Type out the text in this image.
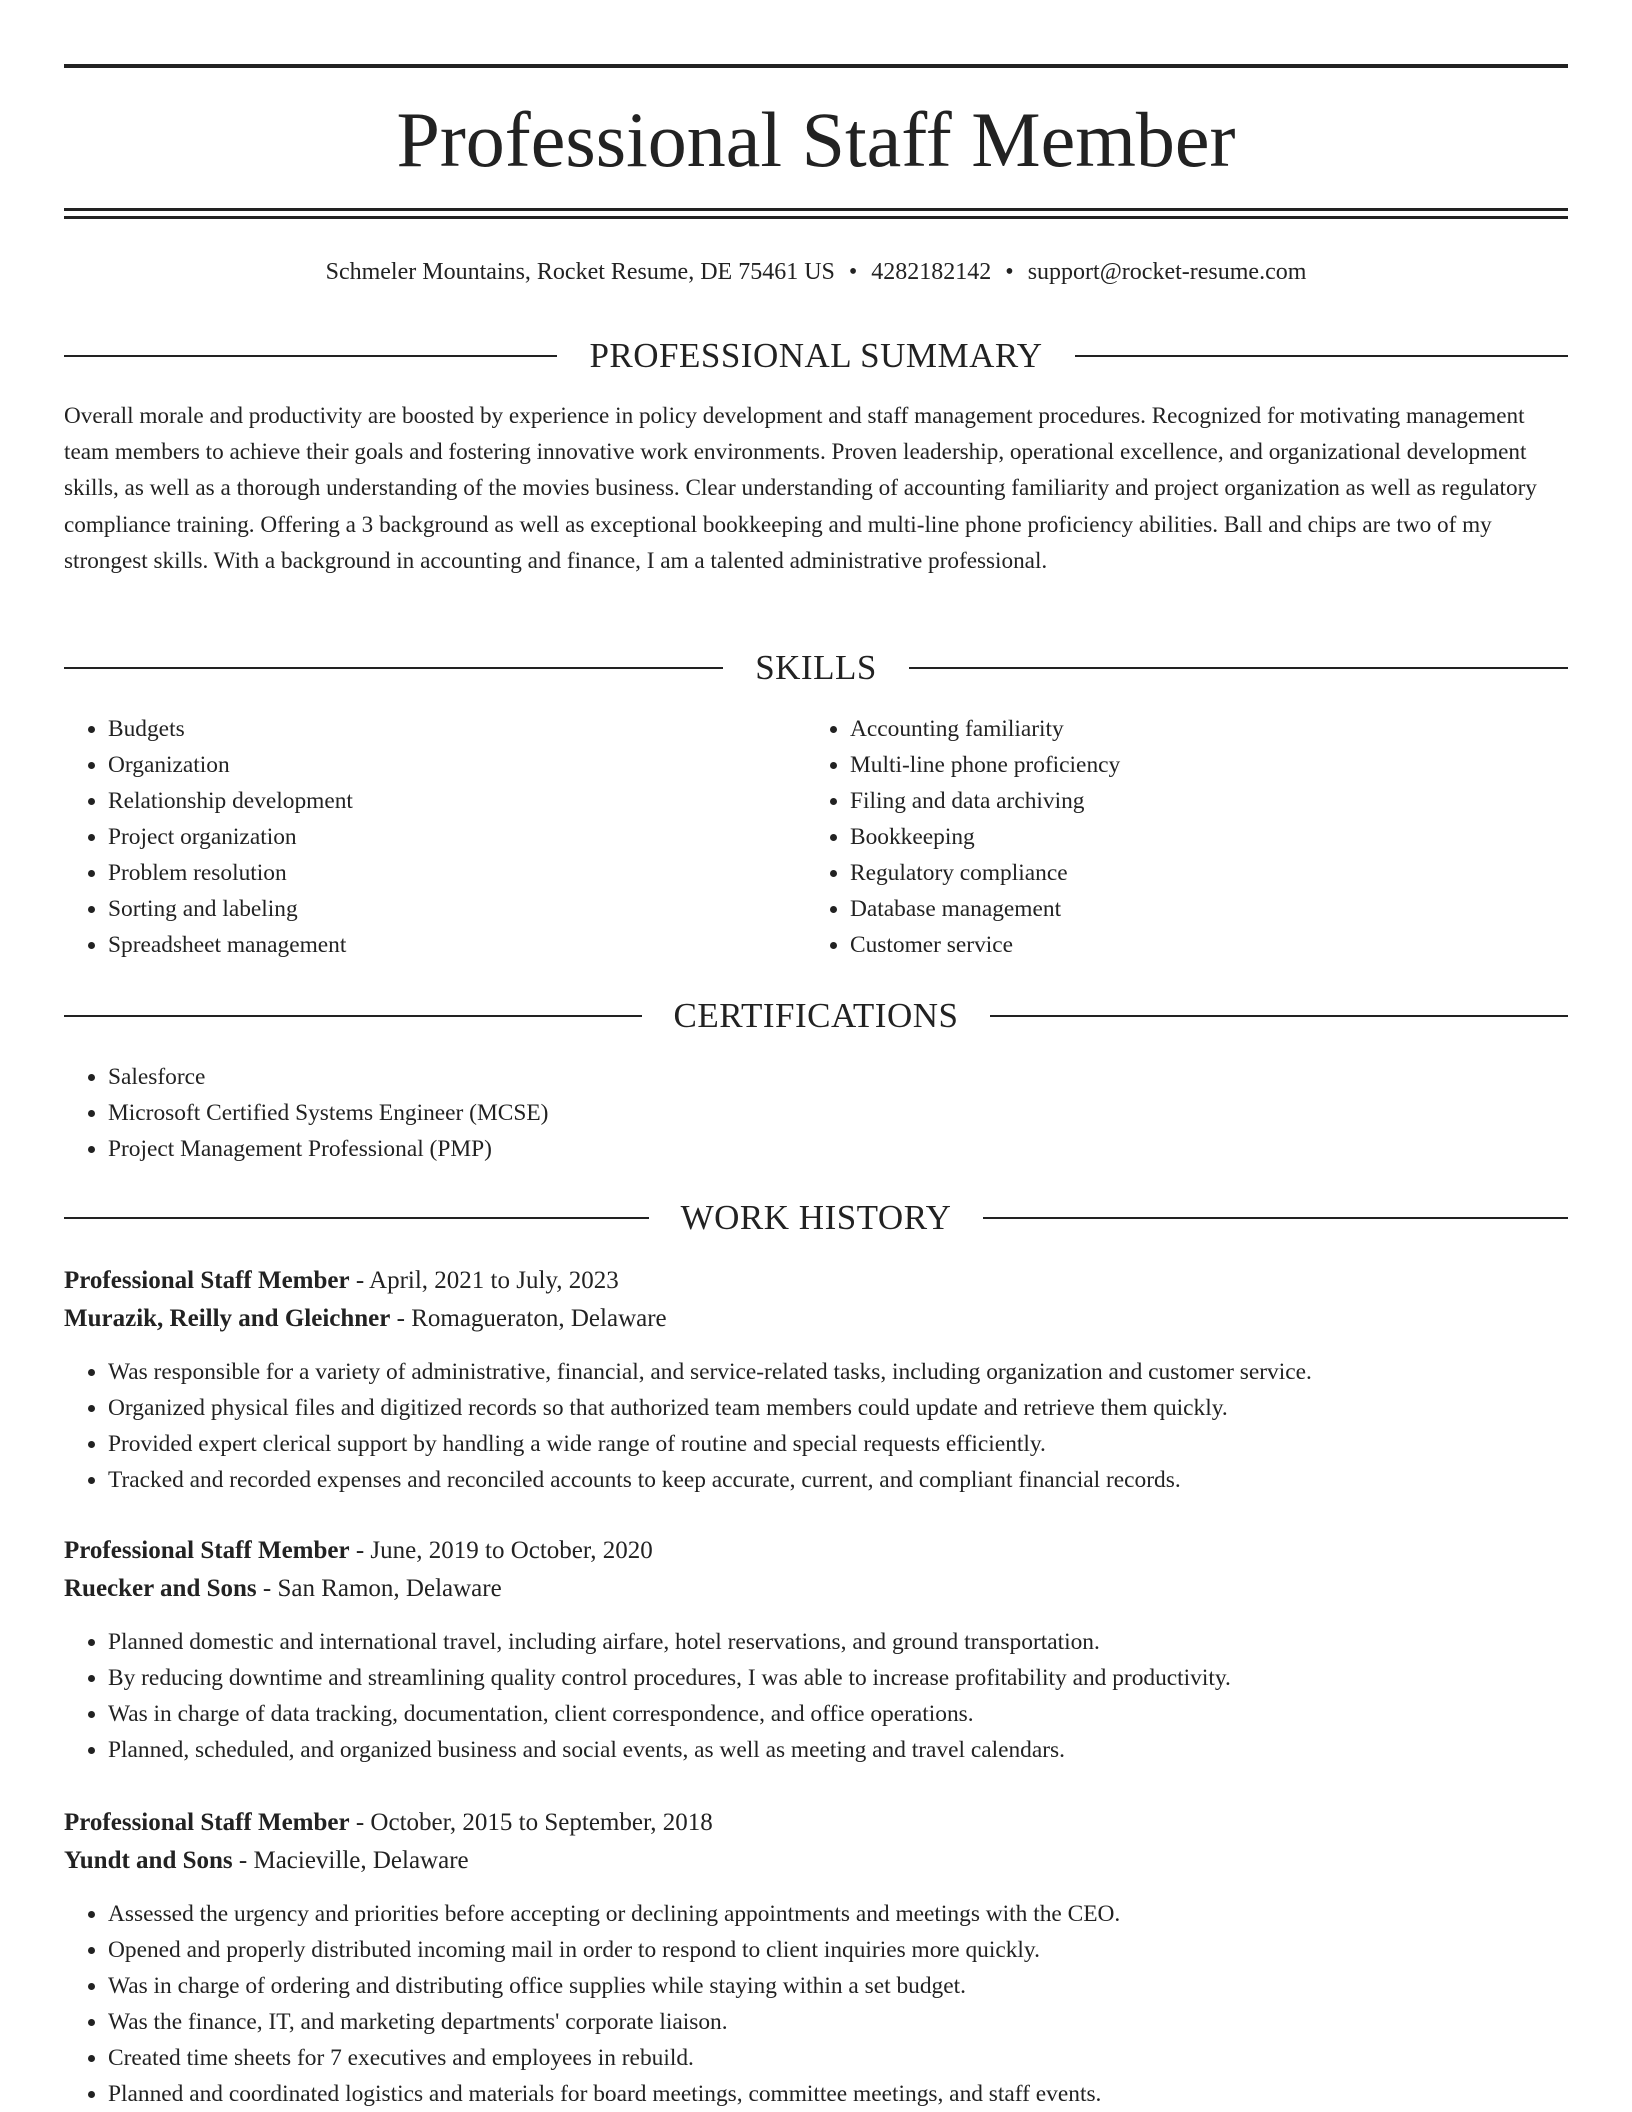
Professional Staff Member
Schmeler Mountains, Rocket Resume, DE 75461 US • 4282182142 • support@rocket-resume.com
PROFESSIONAL SUMMARY

Overall morale and productivity are boosted by experience in policy development and staff management procedures. Recognized for motivating management team members to achieve their goals and fostering innovative work environments. Proven leadership, operational excellence, and organizational development skills, as well as a thorough understanding of the movies business. Clear understanding of accounting familiarity and project organization as well as regulatory compliance training. Offering a 3 background as well as exceptional bookkeeping and multi-line phone proficiency abilities. Ball and chips are two of my strongest skills. With a background in accounting and finance, I am a talented administrative professional.

SKILLS
• Budgets
• Organization
• Relationship development
• Project organization
• Problem resolution
• Sorting and labeling
• Spreadsheet management
• Accounting familiarity
• Multi-line phone proficiency
• Filing and data archiving
• Bookkeeping
• Regulatory compliance
• Database management
• Customer service
CERTIFICATIONS
• Salesforce
• Microsoft Certified Systems Engineer (MCSE)
• Project Management Professional (PMP)
WORK HISTORY
Professional Staff Member - April, 2021 to July, 2023
Murazik, Reilly and Gleichner - Romagueraton, Delaware
• Was responsible for a variety of administrative, financial, and service-related tasks, including organization and customer service.
• Organized physical files and digitized records so that authorized team members could update and retrieve them quickly.
• Provided expert clerical support by handling a wide range of routine and special requests efficiently.
• Tracked and recorded expenses and reconciled accounts to keep accurate, current, and compliant financial records.
Professional Staff Member - June, 2019 to October, 2020
Ruecker and Sons - San Ramon, Delaware
• Planned domestic and international travel, including airfare, hotel reservations, and ground transportation.
• By reducing downtime and streamlining quality control procedures, I was able to increase profitability and productivity.
• Was in charge of data tracking, documentation, client correspondence, and office operations.
• Planned, scheduled, and organized business and social events, as well as meeting and travel calendars.
Professional Staff Member - October, 2015 to September, 2018
Yundt and Sons - Macieville, Delaware
• Assessed the urgency and priorities before accepting or declining appointments and meetings with the CEO.
• Opened and properly distributed incoming mail in order to respond to client inquiries more quickly.
• Was in charge of ordering and distributing office supplies while staying within a set budget.
• Was the finance, IT, and marketing departments' corporate liaison.
• Created time sheets for 7 executives and employees in rebuild.
• Planned and coordinated logistics and materials for board meetings, committee meetings, and staff events.
